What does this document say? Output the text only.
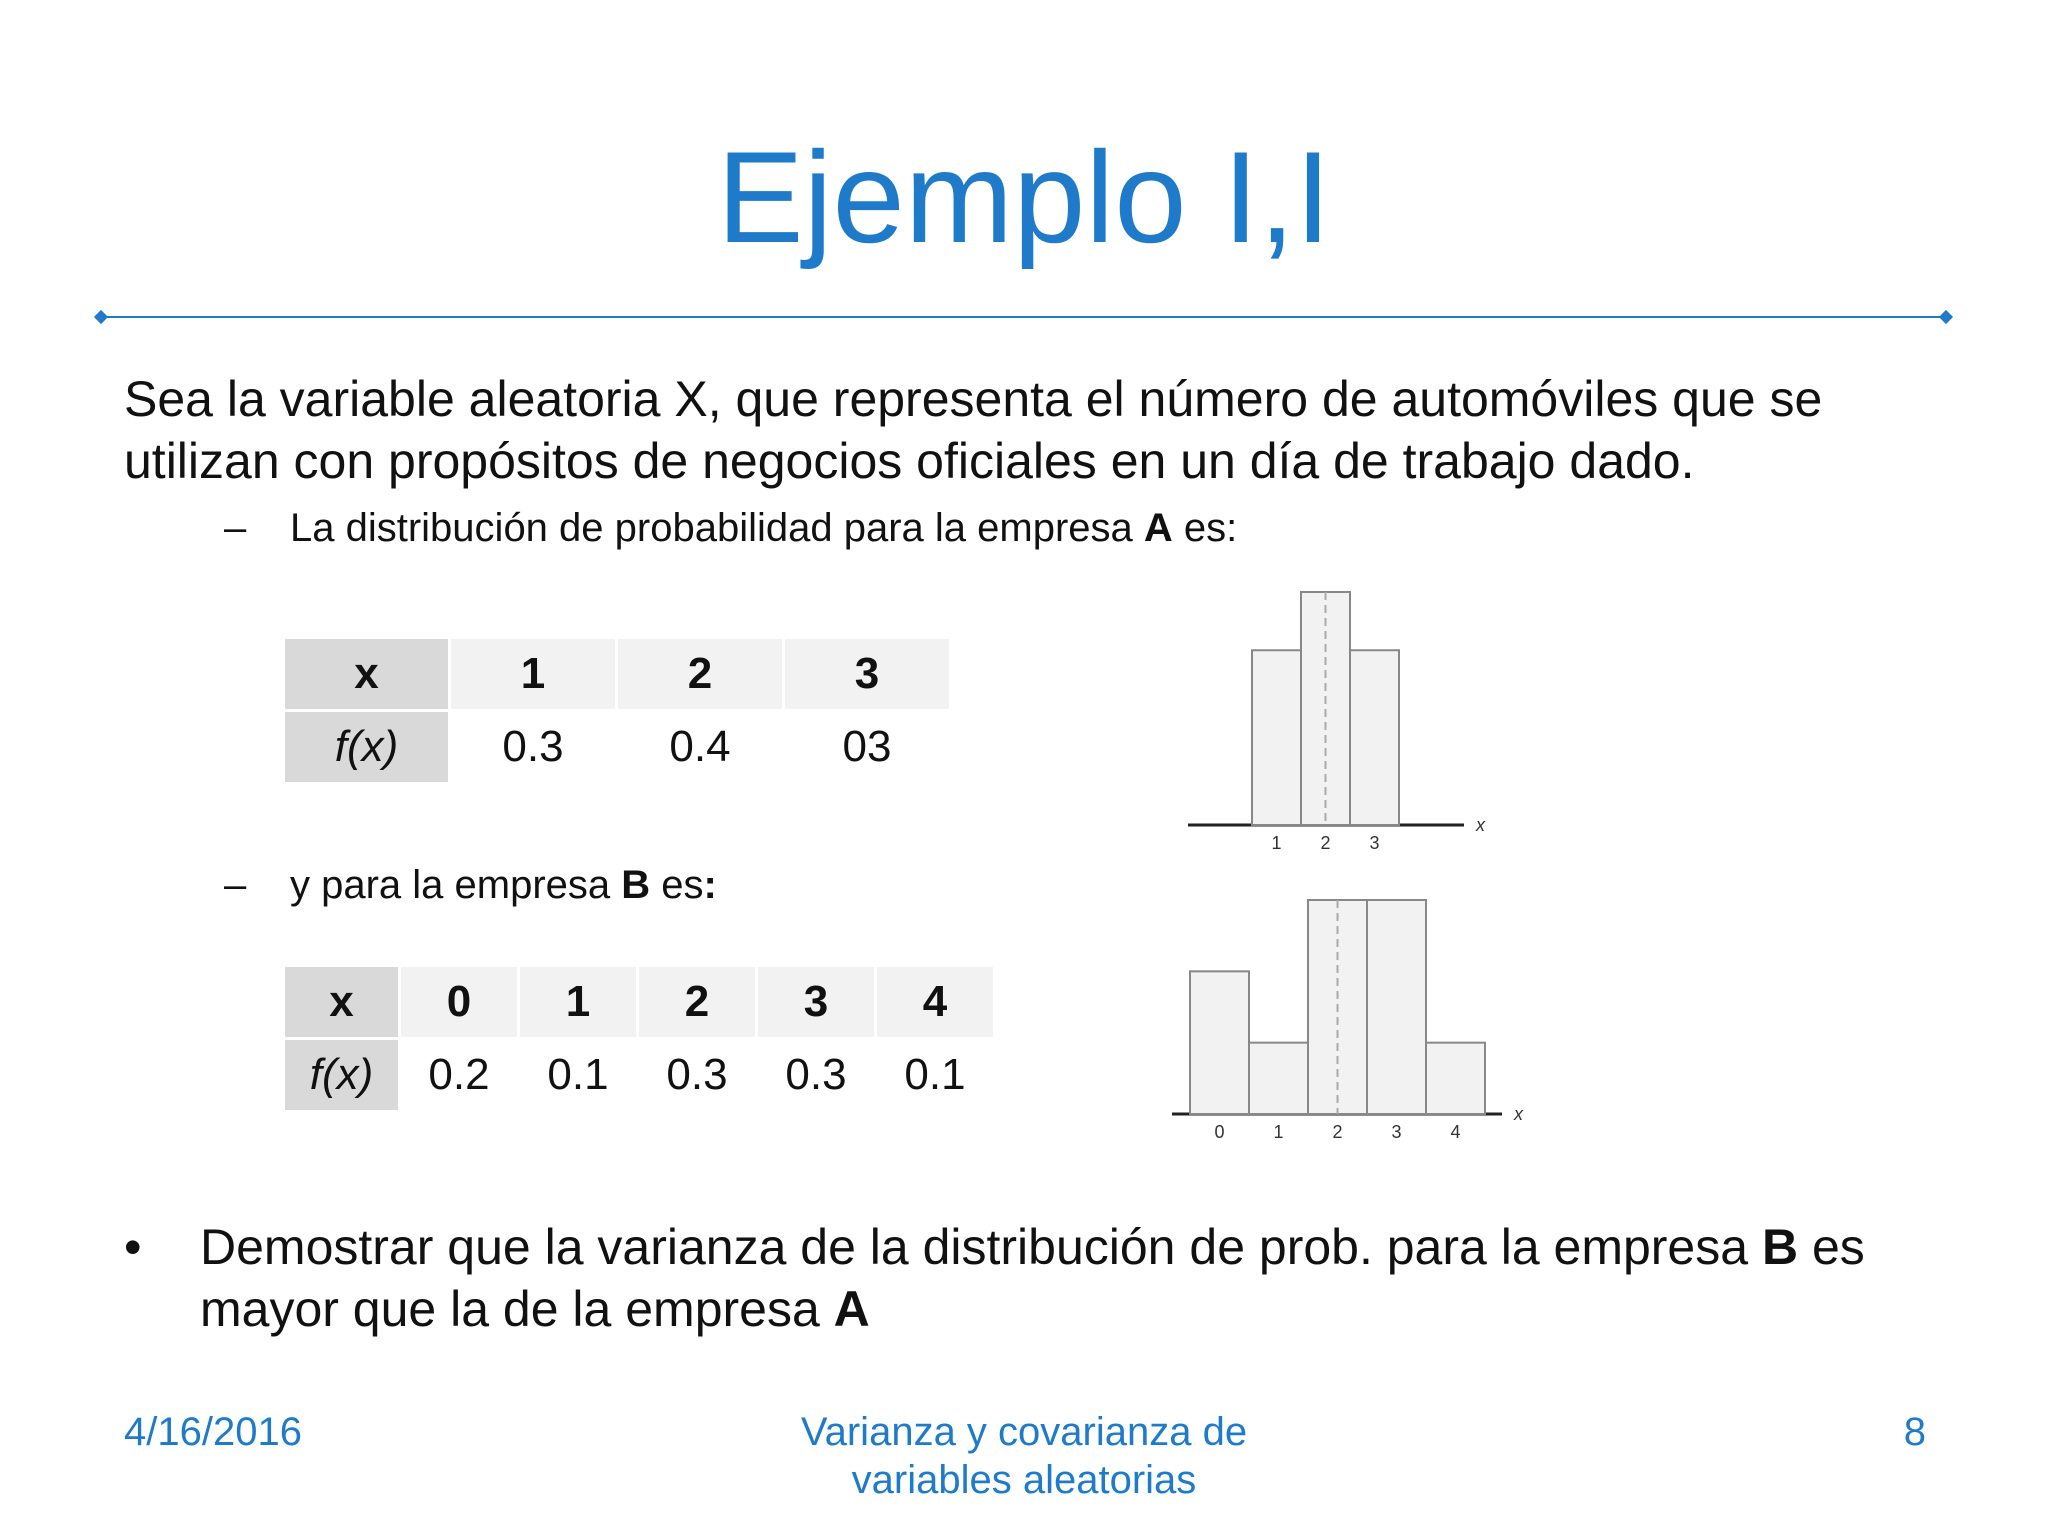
Ejemplo I,I

Sea la variable aleatoria X, que representa el número de automóviles que se utilizan con propósitos de negocios oficiales en un día de trabajo dado.

– La distribución de probabilidad para la empresa A es:

x	1	2	3
f(x)	0.3	0.4	03

– y para la empresa B es:

x	0	1	2	3	4
f(x)	0.2	0.1	0.3	0.3	0.1
1 2 3
x
0	1	2	3	4
x
• Demostrar que la varianza de la distribución de prob. para la empresa B es mayor que la de la empresa A
4/16/2016	Varianza y covarianza de
variables aleatorias
8
